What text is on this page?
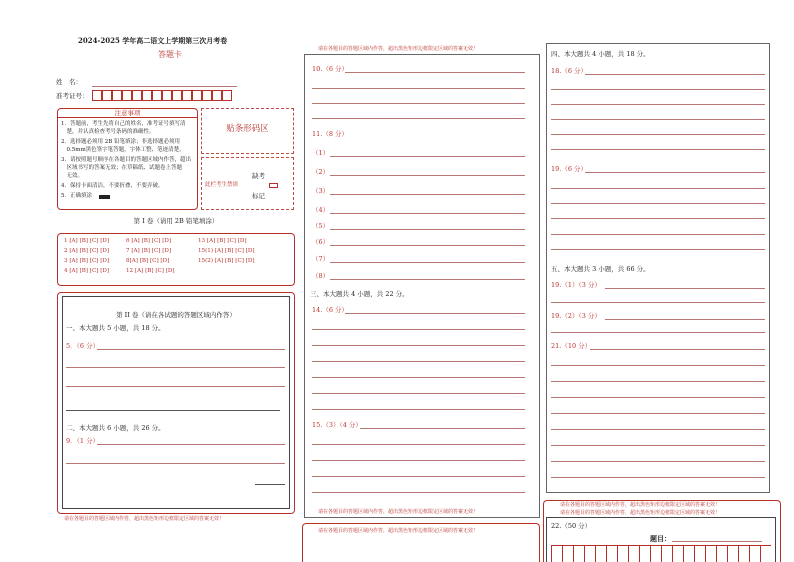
2024-2025 学年高二语文上学期第三次月考卷
答题卡
姓　名：
准考证号：
注意事项
1．答题前，考生先将自己的姓名，准考证号填写清
　楚，并认真检查考号条码的准确性。
2．选择题必须用 2B 铅笔填涂；非选择题必须用
　0.5mm黑色签字笔答题，字体工整、笔迹清楚。
3．请按照题号顺序在各题目的答题区域内作答，超出
　区域书写的答案无效；在草稿纸、试题卷上答题
　无效。
4．保持卡面清洁，不要折叠、不要弄破。
5．正确填涂
贴条形码区
此栏考生禁填
缺考
标记
第 I 卷（请用 2B 铅笔填涂）
1 [A] [B] [C] [D]	6 [A] [B] [C] [D]	13 [A] [B] [C] [D]
2 [A] [B] [C] [D]	7 [A] [B] [C] [D]	15(1) [A] [B] [C] [D]
3 [A] [B] [C] [D]	8[A] [B] [C] [D]	15(2) [A] [B] [C] [D]
4 [A] [B] [C] [D]	12 [A] [B] [C] [D]
第 II 卷（请在各试题的答题区域内作答）
一、本大题共 5 小题，共 18 分。
5．（6 分）
二、本大题共 6 小题，共 26 分。
9．（1 分）
请在各题目的答题区域内作答，超出黑色矩形边框限定区域的答案无效！
请在各题目的答题区域内作答，超出黑色矩形边框限定区域的答案无效！
10.（6 分）
11.（8 分）
（1）
（2）
（3）
（4）
（5）
（6）
（7）
（8）
三、本大题共 4 小题，共 22 分。
14.（6 分）
15.（3）（4 分）
请在各题目的答题区域内作答，超出黑色矩形边框限定区域的答案无效！
请在各题目的答题区域内作答，超出黑色矩形边框限定区域的答案无效！
四、本大题共 4 小题，共 18 分。
18.（6 分）
19.（6 分）
五、本大题共 3 小题，共 66 分。
19.（1）（3 分）
19.（2）（3 分）
21.（10 分）
请在各题目的答题区域内作答，超出黑色矩形边框限定区域的答案无效！
请在各题目的答题区域内作答，超出黑色矩形边框限定区域的答案无效！
22.（50 分）
题目：
